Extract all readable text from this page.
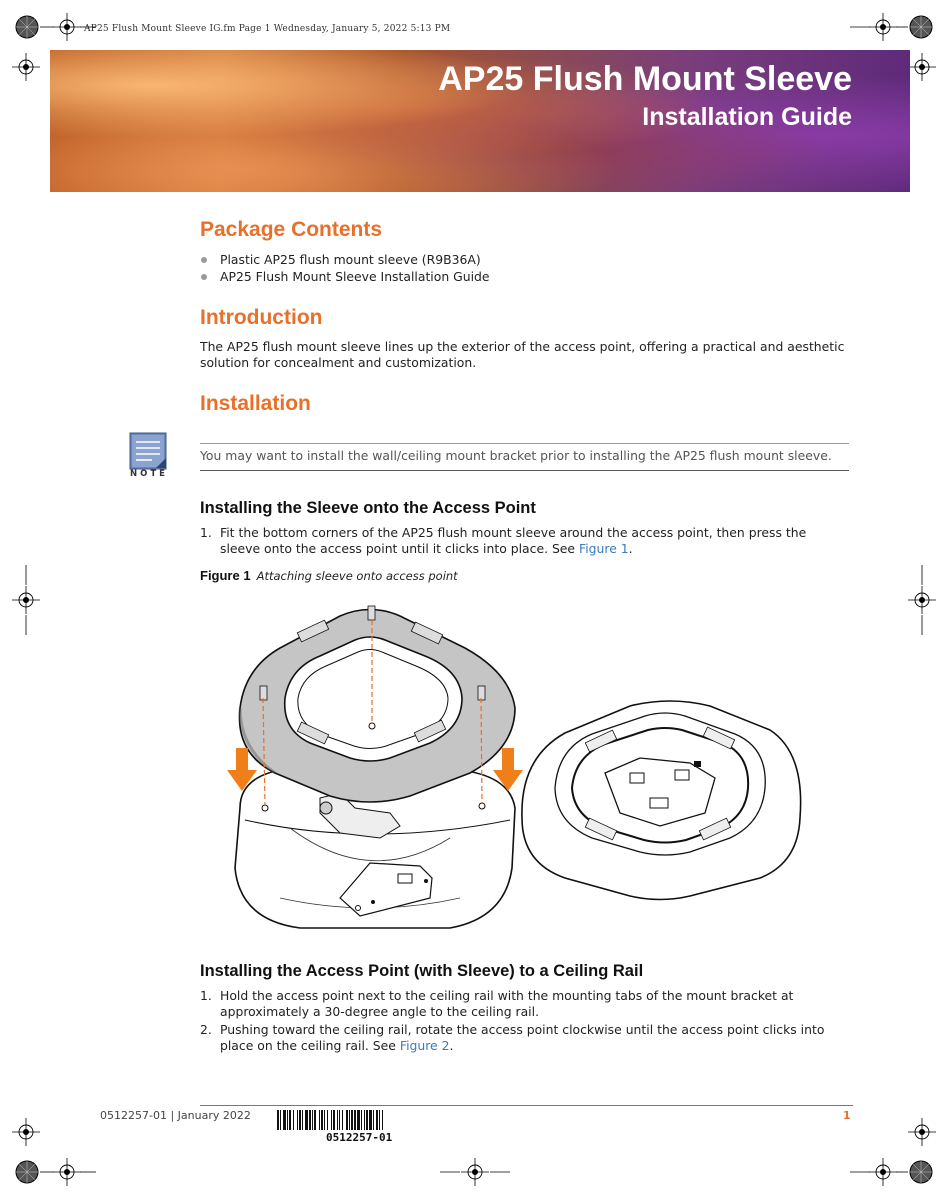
AP25 Flush Mount Sleeve IG.fm Page 1 Wednesday, January 5, 2022 5:13 PM
AP25 Flush Mount Sleeve
Installation Guide
Package Contents
Plastic AP25 flush mount sleeve (R9B36A)
AP25 Flush Mount Sleeve Installation Guide
Introduction
The AP25 flush mount sleeve lines up the exterior of the access point, offering a practical and aesthetic solution for concealment and customization.
Installation
NOTE
You may want to install the wall/ceiling mount bracket prior to installing the AP25 flush mount sleeve.
Installing the Sleeve onto the Access Point
1. Fit the bottom corners of the AP25 flush mount sleeve around the access point, then press the sleeve onto the access point until it clicks into place. See Figure 1.
Figure 1 Attaching sleeve onto access point
Installing the Access Point (with Sleeve) to a Ceiling Rail
1. Hold the access point next to the ceiling rail with the mounting tabs of the mount bracket at approximately a 30-degree angle to the ceiling rail.
2. Pushing toward the ceiling rail, rotate the access point clockwise until the access point clicks into place on the ceiling rail. See Figure 2.
0512257-01 | January 2022
0512257-01
1
